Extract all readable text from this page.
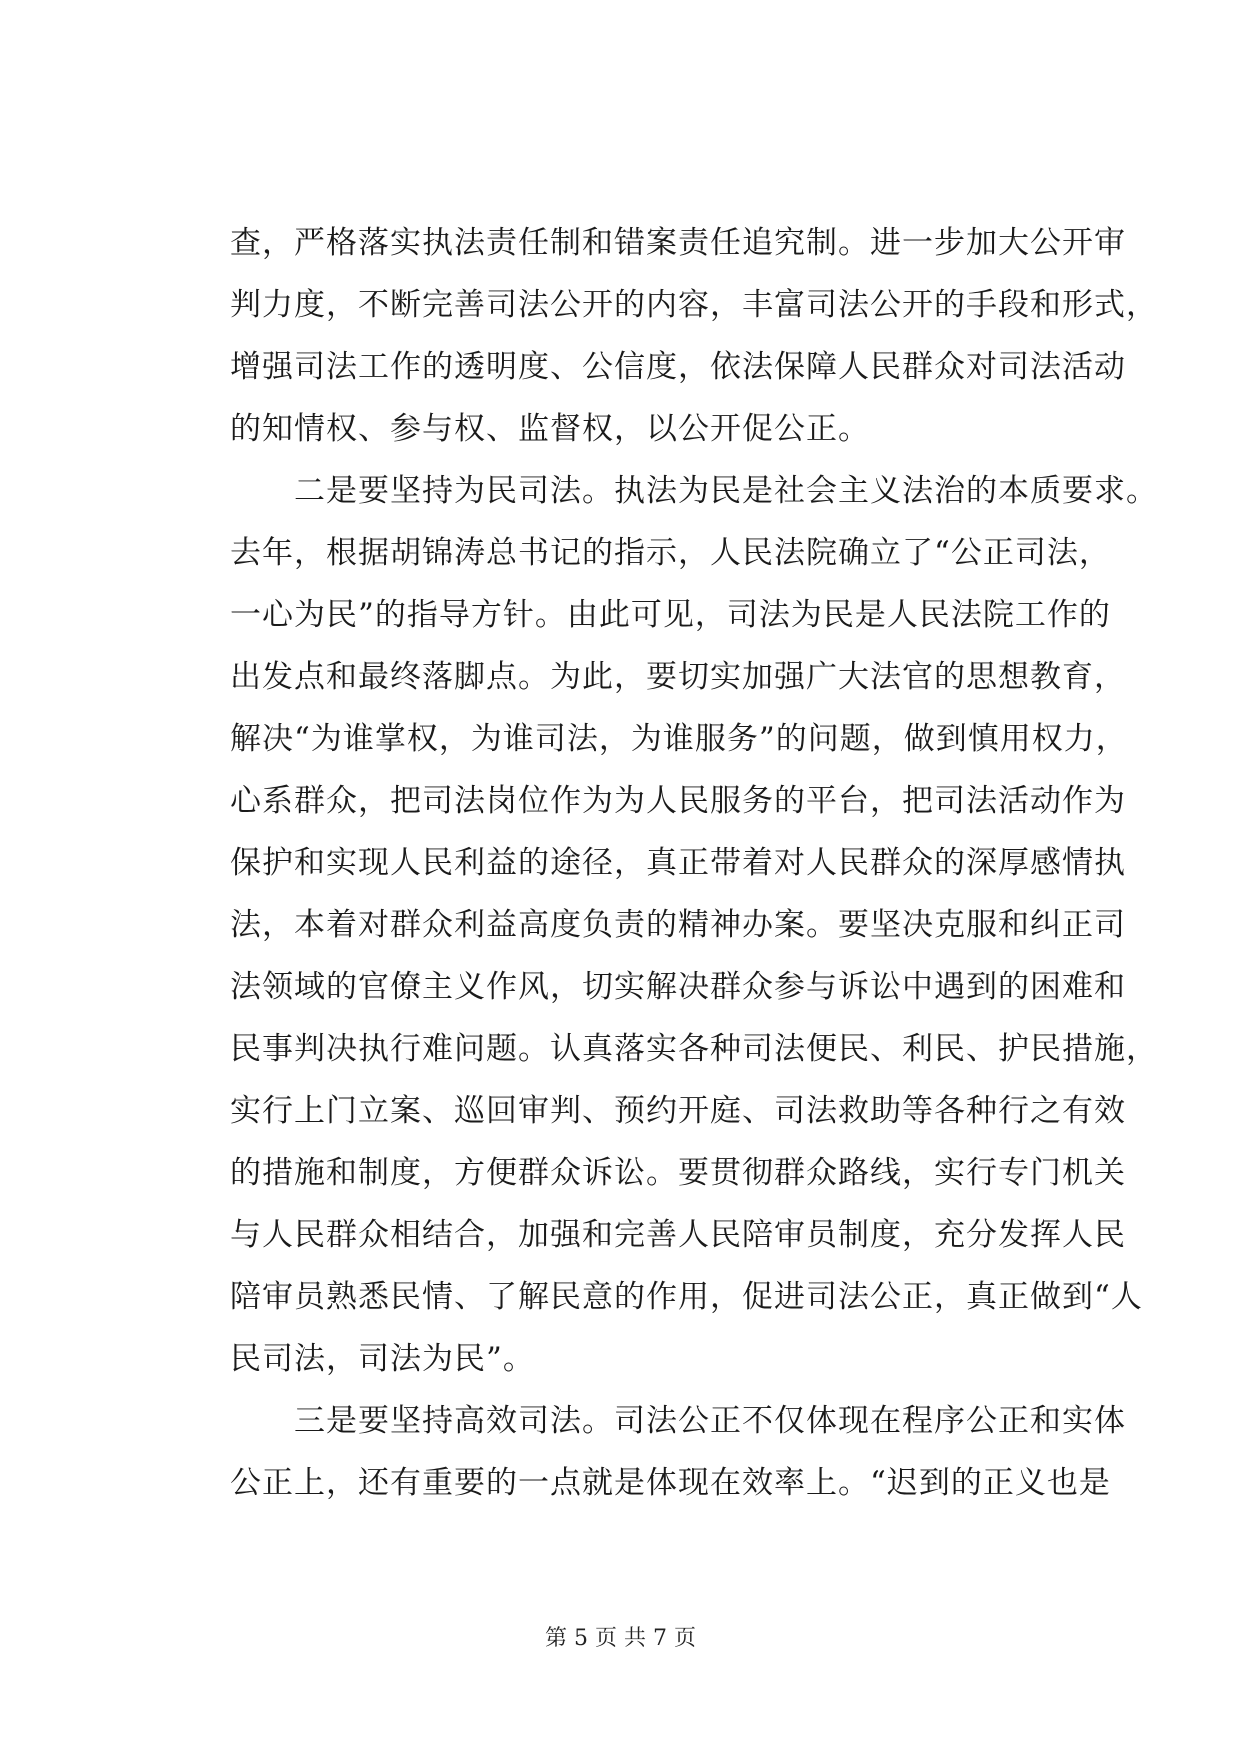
查，严格落实执法责任制和错案责任追究制。进一步加大公开审
判力度，不断完善司法公开的内容，丰富司法公开的手段和形式，
增强司法工作的透明度、公信度，依法保障人民群众对司法活动
的知情权、参与权、监督权，以公开促公正。
　　二是要坚持为民司法。执法为民是社会主义法治的本质要求。
去年，根据胡锦涛总书记的指示，人民法院确立了“公正司法，
一心为民”的指导方针。由此可见，司法为民是人民法院工作的
出发点和最终落脚点。为此，要切实加强广大法官的思想教育，
解决“为谁掌权，为谁司法，为谁服务”的问题，做到慎用权力，
心系群众，把司法岗位作为为人民服务的平台，把司法活动作为
保护和实现人民利益的途径，真正带着对人民群众的深厚感情执
法，本着对群众利益高度负责的精神办案。要坚决克服和纠正司
法领域的官僚主义作风，切实解决群众参与诉讼中遇到的困难和
民事判决执行难问题。认真落实各种司法便民、利民、护民措施，
实行上门立案、巡回审判、预约开庭、司法救助等各种行之有效
的措施和制度，方便群众诉讼。要贯彻群众路线，实行专门机关
与人民群众相结合，加强和完善人民陪审员制度，充分发挥人民
陪审员熟悉民情、了解民意的作用，促进司法公正，真正做到“人
民司法，司法为民”。
　　三是要坚持高效司法。司法公正不仅体现在程序公正和实体
公正上，还有重要的一点就是体现在效率上。“迟到的正义也是
第 5 页 共 7 页
